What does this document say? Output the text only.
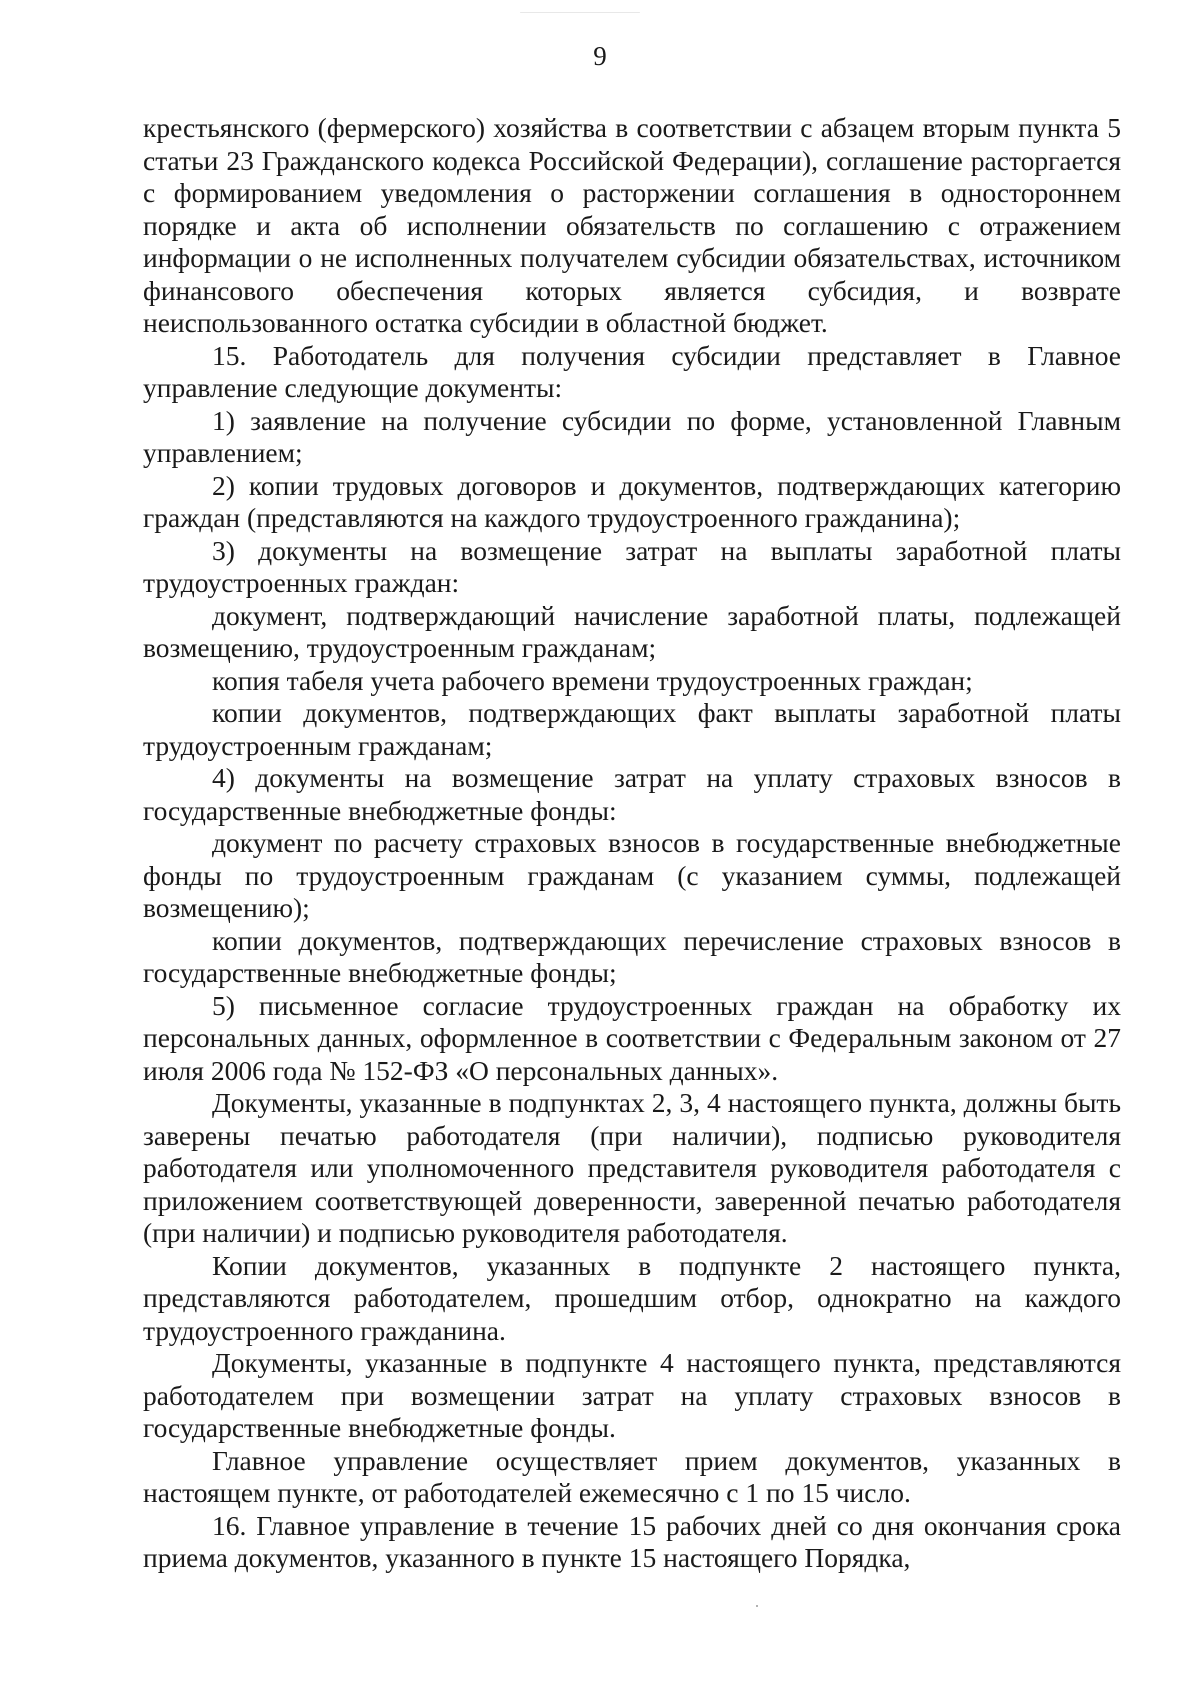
9

крестьянского (фермерского) хозяйства в соответствии с абзацем вторым пункта 5 статьи 23 Гражданского кодекса Российской Федерации), соглашение расторгается с формированием уведомления о расторжении соглашения в одностороннем порядке и акта об исполнении обязательств по соглашению с отражением информации о не исполненных получателем субсидии обязательствах, источником финансового обеспечения которых является субсидия, и возврате неиспользованного остатка субсидии в областной бюджет.

15. Работодатель для получения субсидии представляет в Главное управление следующие документы:

1) заявление на получение субсидии по форме, установленной Главным управлением;

2) копии трудовых договоров и документов, подтверждающих категорию граждан (представляются на каждого трудоустроенного гражданина);

3) документы на возмещение затрат на выплаты заработной платы трудоустроенных граждан:

документ, подтверждающий начисление заработной платы, подлежащей возмещению, трудоустроенным гражданам;

копия табеля учета рабочего времени трудоустроенных граждан;

копии документов, подтверждающих факт выплаты заработной платы трудоустроенным гражданам;

4) документы на возмещение затрат на уплату страховых взносов в государственные внебюджетные фонды:

документ по расчету страховых взносов в государственные внебюджетные фонды по трудоустроенным гражданам (с указанием суммы, подлежащей возмещению);

копии документов, подтверждающих перечисление страховых взносов в государственные внебюджетные фонды;

5) письменное согласие трудоустроенных граждан на обработку их персональных данных, оформленное в соответствии с Федеральным законом от 27 июля 2006 года № 152-ФЗ «О персональных данных».

Документы, указанные в подпунктах 2, 3, 4 настоящего пункта, должны быть заверены печатью работодателя (при наличии), подписью руководителя работодателя или уполномоченного представителя руководителя работодателя с приложением соответствующей доверенности, заверенной печатью работодателя (при наличии) и подписью руководителя работодателя.

Копии документов, указанных в подпункте 2 настоящего пункта, представляются работодателем, прошедшим отбор, однократно на каждого трудоустроенного гражданина.

Документы, указанные в подпункте 4 настоящего пункта, представляются работодателем при возмещении затрат на уплату страховых взносов в государственные внебюджетные фонды.

Главное управление осуществляет прием документов, указанных в настоящем пункте, от работодателей ежемесячно с 1 по 15 число.

16. Главное управление в течение 15 рабочих дней со дня окончания срока приема документов, указанного в пункте 15 настоящего Порядка,
